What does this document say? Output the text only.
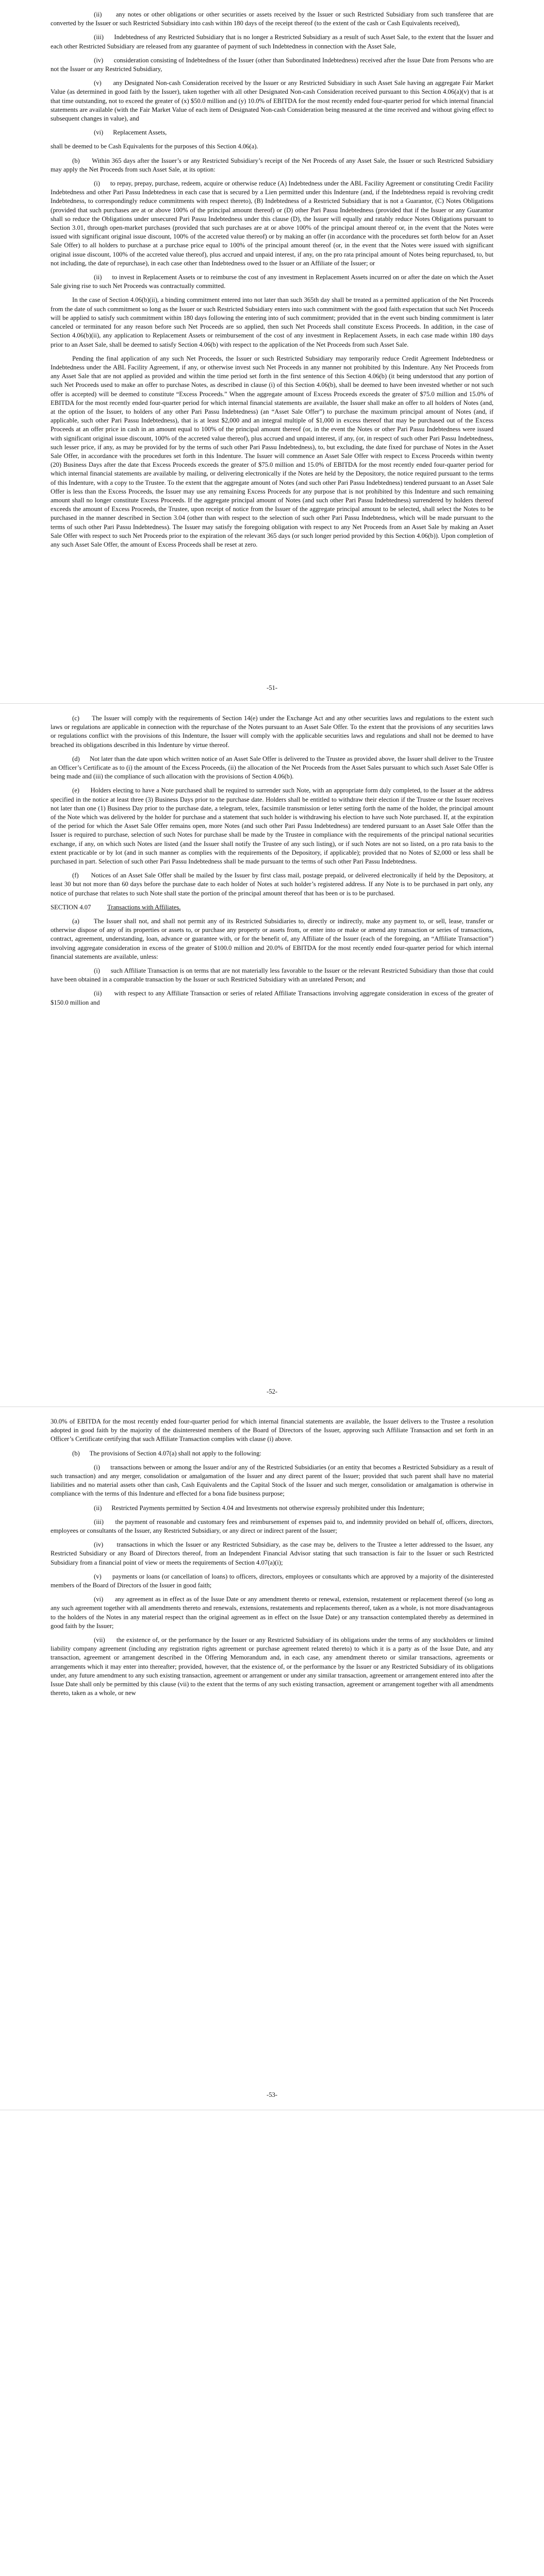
(ii)      any notes or other obligations or other securities or assets received by the Issuer or such Restricted Subsidiary from such transferee that are converted by the Issuer or such Restricted Subsidiary into cash within 180 days of the receipt thereof (to the extent of the cash or Cash Equivalents received),

(iii)      Indebtedness of any Restricted Subsidiary that is no longer a Restricted Subsidiary as a result of such Asset Sale, to the extent that the Issuer and each other Restricted Subsidiary are released from any guarantee of payment of such Indebtedness in connection with the Asset Sale,

(iv)      consideration consisting of Indebtedness of the Issuer (other than Subordinated Indebtedness) received after the Issue Date from Persons who are not the Issuer or any Restricted Subsidiary,

(v)      any Designated Non-cash Consideration received by the Issuer or any Restricted Subsidiary in such Asset Sale having an aggregate Fair Market Value (as determined in good faith by the Issuer), taken together with all other Designated Non-cash Consideration received pursuant to this Section 4.06(a)(v) that is at that time outstanding, not to exceed the greater of (x) $50.0 million and (y) 10.0% of EBITDA for the most recently ended four-quarter period for which internal financial statements are available (with the Fair Market Value of each item of Designated Non-cash Consideration being measured at the time received and without giving effect to subsequent changes in value), and

(vi)      Replacement Assets,

shall be deemed to be Cash Equivalents for the purposes of this Section 4.06(a).

(b)      Within 365 days after the Issuer’s or any Restricted Subsidiary’s receipt of the Net Proceeds of any Asset Sale, the Issuer or such Restricted Subsidiary may apply the Net Proceeds from such Asset Sale, at its option:

(i)      to repay, prepay, purchase, redeem, acquire or otherwise reduce (A) Indebtedness under the ABL Facility Agreement or constituting Credit Facility Indebtedness and other Pari Passu Indebtedness in each case that is secured by a Lien permitted under this Indenture (and, if the Indebtedness repaid is revolving credit Indebtedness, to correspondingly reduce commitments with respect thereto), (B) Indebtedness of a Restricted Subsidiary that is not a Guarantor, (C) Notes Obligations (provided that such purchases are at or above 100% of the principal amount thereof) or (D) other Pari Passu Indebtedness (provided that if the Issuer or any Guarantor shall so reduce the Obligations under unsecured Pari Passu Indebtedness under this clause (D), the Issuer will equally and ratably reduce Notes Obligations pursuant to Section 3.01, through open-market purchases (provided that such purchases are at or above 100% of the principal amount thereof or, in the event that the Notes were issued with significant original issue discount, 100% of the accreted value thereof) or by making an offer (in accordance with the procedures set forth below for an Asset Sale Offer) to all holders to purchase at a purchase price equal to 100% of the principal amount thereof (or, in the event that the Notes were issued with significant original issue discount, 100% of the accreted value thereof), plus accrued and unpaid interest, if any, on the pro rata principal amount of Notes being repurchased, to, but not including, the date of repurchase), in each case other than Indebtedness owed to the Issuer or an Affiliate of the Issuer; or

(ii)      to invest in Replacement Assets or to reimburse the cost of any investment in Replacement Assets incurred on or after the date on which the Asset Sale giving rise to such Net Proceeds was contractually committed.

In the case of Section 4.06(b)(ii), a binding commitment entered into not later than such 365th day shall be treated as a permitted application of the Net Proceeds from the date of such commitment so long as the Issuer or such Restricted Subsidiary enters into such commitment with the good faith expectation that such Net Proceeds will be applied to satisfy such commitment within 180 days following the entering into of such commitment; provided that in the event such binding commitment is later canceled or terminated for any reason before such Net Proceeds are so applied, then such Net Proceeds shall constitute Excess Proceeds. In addition, in the case of Section 4.06(b)(ii), any application to Replacement Assets or reimbursement of the cost of any investment in Replacement Assets, in each case made within 180 days prior to an Asset Sale, shall be deemed to satisfy Section 4.06(b) with respect to the application of the Net Proceeds from such Asset Sale.

Pending the final application of any such Net Proceeds, the Issuer or such Restricted Subsidiary may temporarily reduce Credit Agreement Indebtedness or Indebtedness under the ABL Facility Agreement, if any, or otherwise invest such Net Proceeds in any manner not prohibited by this Indenture. Any Net Proceeds from any Asset Sale that are not applied as provided and within the time period set forth in the first sentence of this Section 4.06(b) (it being understood that any portion of such Net Proceeds used to make an offer to purchase Notes, as described in clause (i) of this Section 4.06(b), shall be deemed to have been invested whether or not such offer is accepted) will be deemed to constitute “Excess Proceeds.” When the aggregate amount of Excess Proceeds exceeds the greater of $75.0 million and 15.0% of EBITDA for the most recently ended four-quarter period for which internal financial statements are available, the Issuer shall make an offer to all holders of Notes (and, at the option of the Issuer, to holders of any other Pari Passu Indebtedness) (an “Asset Sale Offer”) to purchase the maximum principal amount of Notes (and, if applicable, such other Pari Passu Indebtedness), that is at least $2,000 and an integral multiple of $1,000 in excess thereof that may be purchased out of the Excess Proceeds at an offer price in cash in an amount equal to 100% of the principal amount thereof (or, in the event the Notes or other Pari Passu Indebtedness were issued with significant original issue discount, 100% of the accreted value thereof), plus accrued and unpaid interest, if any, (or, in respect of such other Pari Passu Indebtedness, such lesser price, if any, as may be provided for by the terms of such other Pari Passu Indebtedness), to, but excluding, the date fixed for purchase of Notes in the Asset Sale Offer, in accordance with the procedures set forth in this Indenture. The Issuer will commence an Asset Sale Offer with respect to Excess Proceeds within twenty (20) Business Days after the date that Excess Proceeds exceeds the greater of $75.0 million and 15.0% of EBITDA for the most recently ended four-quarter period for which internal financial statements are available by mailing, or delivering electronically if the Notes are held by the Depository, the notice required pursuant to the terms of this Indenture, with a copy to the Trustee. To the extent that the aggregate amount of Notes (and such other Pari Passu Indebtedness) tendered pursuant to an Asset Sale Offer is less than the Excess Proceeds, the Issuer may use any remaining Excess Proceeds for any purpose that is not prohibited by this Indenture and such remaining amount shall no longer constitute Excess Proceeds. If the aggregate principal amount of Notes (and such other Pari Passu Indebtedness) surrendered by holders thereof exceeds the amount of Excess Proceeds, the Trustee, upon receipt of notice from the Issuer of the aggregate principal amount to be selected, shall select the Notes to be purchased in the manner described in Section 3.04 (other than with respect to the selection of such other Pari Passu Indebtedness, which will be made pursuant to the terms of such other Pari Passu Indebtedness). The Issuer may satisfy the foregoing obligation with respect to any Net Proceeds from an Asset Sale by making an Asset Sale Offer with respect to such Net Proceeds prior to the expiration of the relevant 365 days (or such longer period provided by this Section 4.06(b)). Upon completion of any such Asset Sale Offer, the amount of Excess Proceeds shall be reset at zero.

-51-

(c)      The Issuer will comply with the requirements of Section 14(e) under the Exchange Act and any other securities laws and regulations to the extent such laws or regulations are applicable in connection with the repurchase of the Notes pursuant to an Asset Sale Offer. To the extent that the provisions of any securities laws or regulations conflict with the provisions of this Indenture, the Issuer will comply with the applicable securities laws and regulations and shall not be deemed to have breached its obligations described in this Indenture by virtue thereof.

(d)      Not later than the date upon which written notice of an Asset Sale Offer is delivered to the Trustee as provided above, the Issuer shall deliver to the Trustee an Officer’s Certificate as to (i) the amount of the Excess Proceeds, (ii) the allocation of the Net Proceeds from the Asset Sales pursuant to which such Asset Sale Offer is being made and (iii) the compliance of such allocation with the provisions of Section 4.06(b).

(e)      Holders electing to have a Note purchased shall be required to surrender such Note, with an appropriate form duly completed, to the Issuer at the address specified in the notice at least three (3) Business Days prior to the purchase date. Holders shall be entitled to withdraw their election if the Trustee or the Issuer receives not later than one (1) Business Day prior to the purchase date, a telegram, telex, facsimile transmission or letter setting forth the name of the holder, the principal amount of the Note which was delivered by the holder for purchase and a statement that such holder is withdrawing his election to have such Note purchased. If, at the expiration of the period for which the Asset Sale Offer remains open, more Notes (and such other Pari Passu Indebtedness) are tendered pursuant to an Asset Sale Offer than the Issuer is required to purchase, selection of such Notes for purchase shall be made by the Trustee in compliance with the requirements of the principal national securities exchange, if any, on which such Notes are listed (and the Issuer shall notify the Trustee of any such listing), or if such Notes are not so listed, on a pro rata basis to the extent practicable or by lot (and in such manner as complies with the requirements of the Depository, if applicable); provided that no Notes of $2,000 or less shall be purchased in part. Selection of such other Pari Passu Indebtedness shall be made pursuant to the terms of such other Pari Passu Indebtedness.

(f)      Notices of an Asset Sale Offer shall be mailed by the Issuer by first class mail, postage prepaid, or delivered electronically if held by the Depository, at least 30 but not more than 60 days before the purchase date to each holder of Notes at such holder’s registered address. If any Note is to be purchased in part only, any notice of purchase that relates to such Note shall state the portion of the principal amount thereof that has been or is to be purchased.

SECTION 4.07	Transactions with Affiliates.

(a)      The Issuer shall not, and shall not permit any of its Restricted Subsidiaries to, directly or indirectly, make any payment to, or sell, lease, transfer or otherwise dispose of any of its properties or assets to, or purchase any property or assets from, or enter into or make or amend any transaction or series of transactions, contract, agreement, understanding, loan, advance or guarantee with, or for the benefit of, any Affiliate of the Issuer (each of the foregoing, an “Affiliate Transaction”) involving aggregate consideration in excess of the greater of $100.0 million and 20.0% of EBITDA for the most recently ended four-quarter period for which internal financial statements are available, unless:

(i)      such Affiliate Transaction is on terms that are not materially less favorable to the Issuer or the relevant Restricted Subsidiary than those that could have been obtained in a comparable transaction by the Issuer or such Restricted Subsidiary with an unrelated Person; and

(ii)      with respect to any Affiliate Transaction or series of related Affiliate Transactions involving aggregate consideration in excess of the greater of $150.0 million and

-52-

30.0% of EBITDA for the most recently ended four-quarter period for which internal financial statements are available, the Issuer delivers to the Trustee a resolution adopted in good faith by the majority of the disinterested members of the Board of Directors of the Issuer, approving such Affiliate Transaction and set forth in an Officer’s Certificate certifying that such Affiliate Transaction complies with clause (i) above.

(b)      The provisions of Section 4.07(a) shall not apply to the following:

(i)      transactions between or among the Issuer and/or any of the Restricted Subsidiaries (or an entity that becomes a Restricted Subsidiary as a result of such transaction) and any merger, consolidation or amalgamation of the Issuer and any direct parent of the Issuer; provided that such parent shall have no material liabilities and no material assets other than cash, Cash Equivalents and the Capital Stock of the Issuer and such merger, consolidation or amalgamation is otherwise in compliance with the terms of this Indenture and effected for a bona fide business purpose;

(ii)      Restricted Payments permitted by Section 4.04 and Investments not otherwise expressly prohibited under this Indenture;

(iii)      the payment of reasonable and customary fees and reimbursement of expenses paid to, and indemnity provided on behalf of, officers, directors, employees or consultants of the Issuer, any Restricted Subsidiary, or any direct or indirect parent of the Issuer;

(iv)      transactions in which the Issuer or any Restricted Subsidiary, as the case may be, delivers to the Trustee a letter addressed to the Issuer, any Restricted Subsidiary or any Board of Directors thereof, from an Independent Financial Advisor stating that such transaction is fair to the Issuer or such Restricted Subsidiary from a financial point of view or meets the requirements of Section 4.07(a)(i);

(v)      payments or loans (or cancellation of loans) to officers, directors, employees or consultants which are approved by a majority of the disinterested members of the Board of Directors of the Issuer in good faith;

(vi)      any agreement as in effect as of the Issue Date or any amendment thereto or renewal, extension, restatement or replacement thereof (so long as any such agreement together with all amendments thereto and renewals, extensions, restatements and replacements thereof, taken as a whole, is not more disadvantageous to the holders of the Notes in any material respect than the original agreement as in effect on the Issue Date) or any transaction contemplated thereby as determined in good faith by the Issuer;

(vii)      the existence of, or the performance by the Issuer or any Restricted Subsidiary of its obligations under the terms of any stockholders or limited liability company agreement (including any registration rights agreement or purchase agreement related thereto) to which it is a party as of the Issue Date, and any transaction, agreement or arrangement described in the Offering Memorandum and, in each case, any amendment thereto or similar transactions, agreements or arrangements which it may enter into thereafter; provided, however, that the existence of, or the performance by the Issuer or any Restricted Subsidiary of its obligations under, any future amendment to any such existing transaction, agreement or arrangement or under any similar transaction, agreement or arrangement entered into after the Issue Date shall only be permitted by this clause (vii) to the extent that the terms of any such existing transaction, agreement or arrangement together with all amendments thereto, taken as a whole, or new

-53-
